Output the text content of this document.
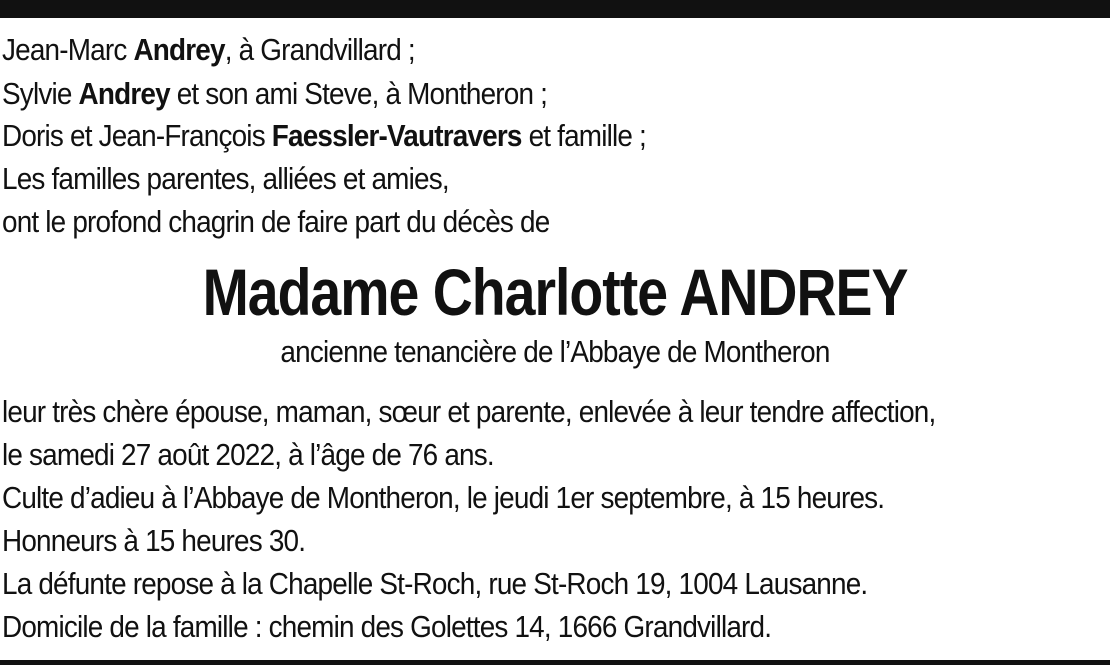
Jean-Marc Andrey, à Grandvillard ;
Sylvie Andrey et son ami Steve, à Montheron ;
Doris et Jean-François Faessler-Vautravers et famille ;
Les familles parentes, alliées et amies,
ont le profond chagrin de faire part du décès de
Madame Charlotte ANDREY
ancienne tenancière de l’Abbaye de Montheron
leur très chère épouse, maman, sœur et parente, enlevée à leur tendre affection,
le samedi 27 août 2022, à l’âge de 76 ans.
Culte d’adieu à l’Abbaye de Montheron, le jeudi 1er septembre, à 15 heures.
Honneurs à 15 heures 30.
La défunte repose à la Chapelle St-Roch, rue St-Roch 19, 1004 Lausanne.
Domicile de la famille : chemin des Golettes 14, 1666 Grandvillard.
